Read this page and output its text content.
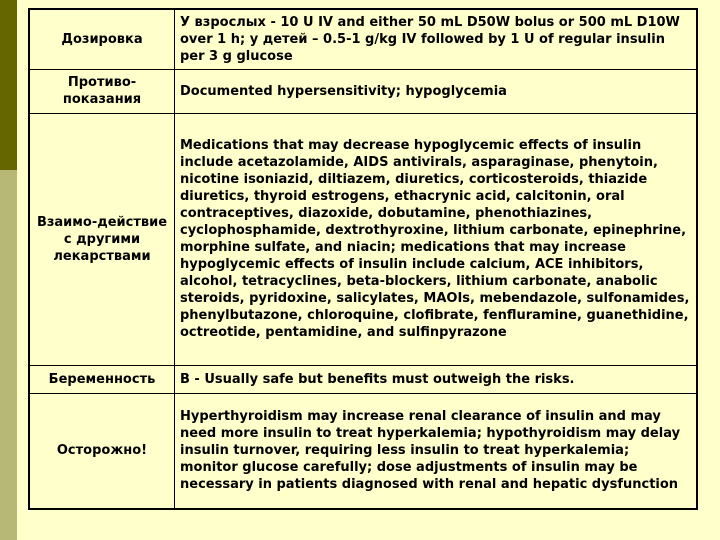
Дозировка	У взрослых - 10 U IV and either 50 mL D50W bolus or 500 mL D10W over 1 h; у детей – 0.5-1 g/kg IV followed by 1 U of regular insulin per 3 g glucose
Противо-показания	Documented hypersensitivity; hypoglycemia
Взаимо-действие с другими лекарствами	Medications that may decrease hypoglycemic effects of insulin include acetazolamide, AIDS antivirals, asparaginase, phenytoin, nicotine isoniazid, diltiazem, diuretics, corticosteroids, thiazide diuretics, thyroid estrogens, ethacrynic acid, calcitonin, oral contraceptives, diazoxide, dobutamine, phenothiazines, cyclophosphamide, dextrothyroxine, lithium carbonate, epinephrine, morphine sulfate, and niacin; medications that may increase hypoglycemic effects of insulin include calcium, ACE inhibitors, alcohol, tetracyclines, beta-blockers, lithium carbonate, anabolic steroids, pyridoxine, salicylates, MAOIs, mebendazole, sulfonamides, phenylbutazone, chloroquine, clofibrate, fenfluramine, guanethidine, octreotide, pentamidine, and sulfinpyrazone
Беременность	B - Usually safe but benefits must outweigh the risks.
Осторожно!	Hyperthyroidism may increase renal clearance of insulin and may need more insulin to treat hyperkalemia; hypothyroidism may delay insulin turnover, requiring less insulin to treat hyperkalemia; monitor glucose carefully; dose adjustments of insulin may be necessary in patients diagnosed with renal and hepatic dysfunction
